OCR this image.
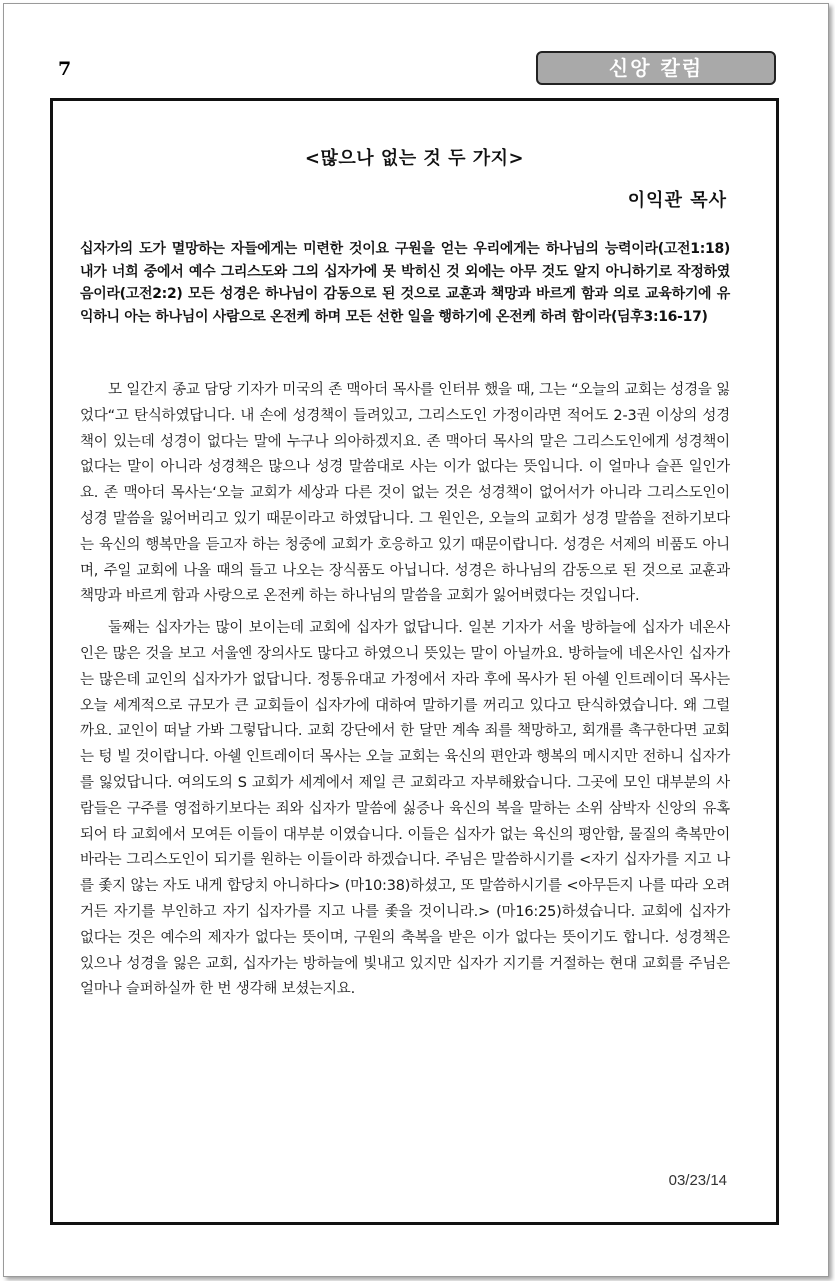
7	신앙 칼럼
<많으나 없는 것 두 가지>
이익관 목사
십자가의 도가 멸망하는 자들에게는 미련한 것이요 구원을 얻는 우리에게는 하나님의 능력이라(고전1:18) 내가 너희 중에서 예수 그리스도와 그의 십자가에 못 박히신 것 외에는 아무 것도 알지 아니하기로 작정하였음이라(고전2:2) 모든 성경은 하나님이 감동으로 된 것으로 교훈과 책망과 바르게 함과 의로 교육하기에 유익하니 아는 하나님이 사람으로 온전케 하며 모든 선한 일을 행하기에 온전케 하려 함이라(딤후3:16-17)

모 일간지 종교 담당 기자가 미국의 존 맥아더 목사를 인터뷰 했을 때, 그는 “오늘의 교회는 성경을 잃었다“고 탄식하였답니다. 내 손에 성경책이 들려있고, 그리스도인 가정이라면 적어도 2-3권 이상의 성경책이 있는데 성경이 없다는 말에 누구나 의아하겠지요. 존 맥아더 목사의 말은 그리스도인에게 성경책이 없다는 말이 아니라 성경책은 많으나 성경 말씀대로 사는 이가 없다는 뜻입니다. 이 얼마나 슬픈 일인가요. 존 맥아더 목사는‘오늘 교회가 세상과 다른 것이 없는 것은 성경책이 없어서가 아니라 그리스도인이 성경 말씀을 잃어버리고 있기 때문이라고 하였답니다. 그 원인은, 오늘의 교회가 성경 말씀을 전하기보다는 육신의 행복만을 듣고자 하는 청중에 교회가 호응하고 있기 때문이랍니다. 성경은 서제의 비품도 아니며, 주일 교회에 나올 때의 들고 나오는 장식품도 아닙니다. 성경은 하나님의 감동으로 된 것으로 교훈과 책망과 바르게 함과 사랑으로 온전케 하는 하나님의 말씀을 교회가 잃어버렸다는 것입니다.

둘째는 십자가는 많이 보이는데 교회에 십자가 없답니다. 일본 기자가 서울 방하늘에 십자가 네온사인은 많은 것을 보고 서울엔 장의사도 많다고 하였으니 뜻있는 말이 아닐까요. 방하늘에 네온사인 십자가는 많은데 교인의 십자가가 없답니다. 정통유대교 가정에서 자라 후에 목사가 된 아쉘 인트레이더 목사는 오늘 세계적으로 규모가 큰 교회들이 십자가에 대하여 말하기를 꺼리고 있다고 탄식하였습니다. 왜 그럴까요. 교인이 떠날 가봐 그렇답니다. 교회 강단에서 한 달만 계속 죄를 책망하고, 회개를 촉구한다면 교회는 텅 빌 것이랍니다. 아쉘 인트레이더 목사는 오늘 교회는 육신의 편안과 행복의 메시지만 전하니 십자가를 잃었답니다. 여의도의 S 교회가 세계에서 제일 큰 교회라고 자부해왔습니다. 그곳에 모인 대부분의 사람들은 구주를 영접하기보다는 죄와 십자가 말씀에 싫증나 육신의 복을 말하는 소위 삼박자 신앙의 유혹되어 타 교회에서 모여든 이들이 대부분 이였습니다. 이들은 십자가 없는 육신의 평안함, 물질의 축복만이 바라는 그리스도인이 되기를 원하는 이들이라 하겠습니다. 주님은 말씀하시기를 <자기 십자가를 지고 나를 좇지 않는 자도 내게 합당치 아니하다> (마10:38)하셨고, 또 말씀하시기를 <아무든지 나를 따라 오려거든 자기를 부인하고 자기 십자가를 지고 나를 좇을 것이니라.> (마16:25)하셨습니다. 교회에 십자가 없다는 것은 예수의 제자가 없다는 뜻이며, 구원의 축복을 받은 이가 없다는 뜻이기도 합니다. 성경책은 있으나 성경을 잃은 교회, 십자가는 방하늘에 빛내고 있지만 십자가 지기를 거절하는 현대 교회를 주님은 얼마나 슬퍼하실까 한 번 생각해 보셨는지요.

03/23/14
